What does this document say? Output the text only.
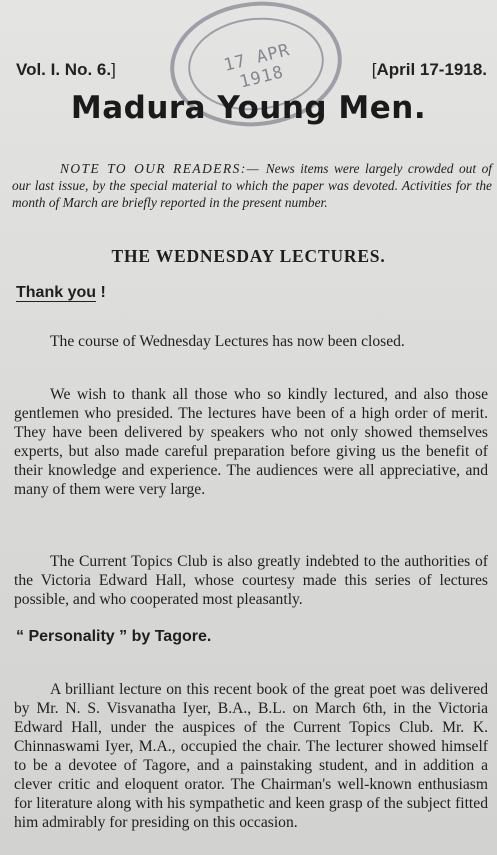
17 APR 1918
Vol. I. No. 6.]	[April 17-1918.
Madura Young Men.
NOTE TO OUR READERS:— News items were largely crowded out of our last issue, by the special material to which the paper was devoted. Activities for the month of March are briefly reported in the present number.
THE WEDNESDAY LECTURES.
Thank you !

The course of Wednesday Lectures has now been closed.

We wish to thank all those who so kindly lectured, and also those gentlemen who presided. The lectures have been of a high order of merit. They have been delivered by speakers who not only showed themselves experts, but also made careful preparation before giving us the benefit of their knowledge and experience. The audiences were all appreciative, and many of them were very large.

The Current Topics Club is also greatly indebted to the authorities of the Victoria Edward Hall, whose courtesy made this series of lectures possible, and who cooperated most pleasantly.

“ Personality ” by Tagore.

A brilliant lecture on this recent book of the great poet was delivered by Mr. N. S. Visvanatha Iyer, B.A., B.L. on March 6th, in the Victoria Edward Hall, under the auspices of the Current Topics Club. Mr. K. Chinnaswami Iyer, M.A., occupied the chair. The lecturer showed himself to be a devotee of Tagore, and a painstaking student, and in addition a clever critic and eloquent orator. The Chairman's well-known enthusiasm for literature along with his sympathetic and keen grasp of the subject fitted him admirably for presiding on this occasion.
